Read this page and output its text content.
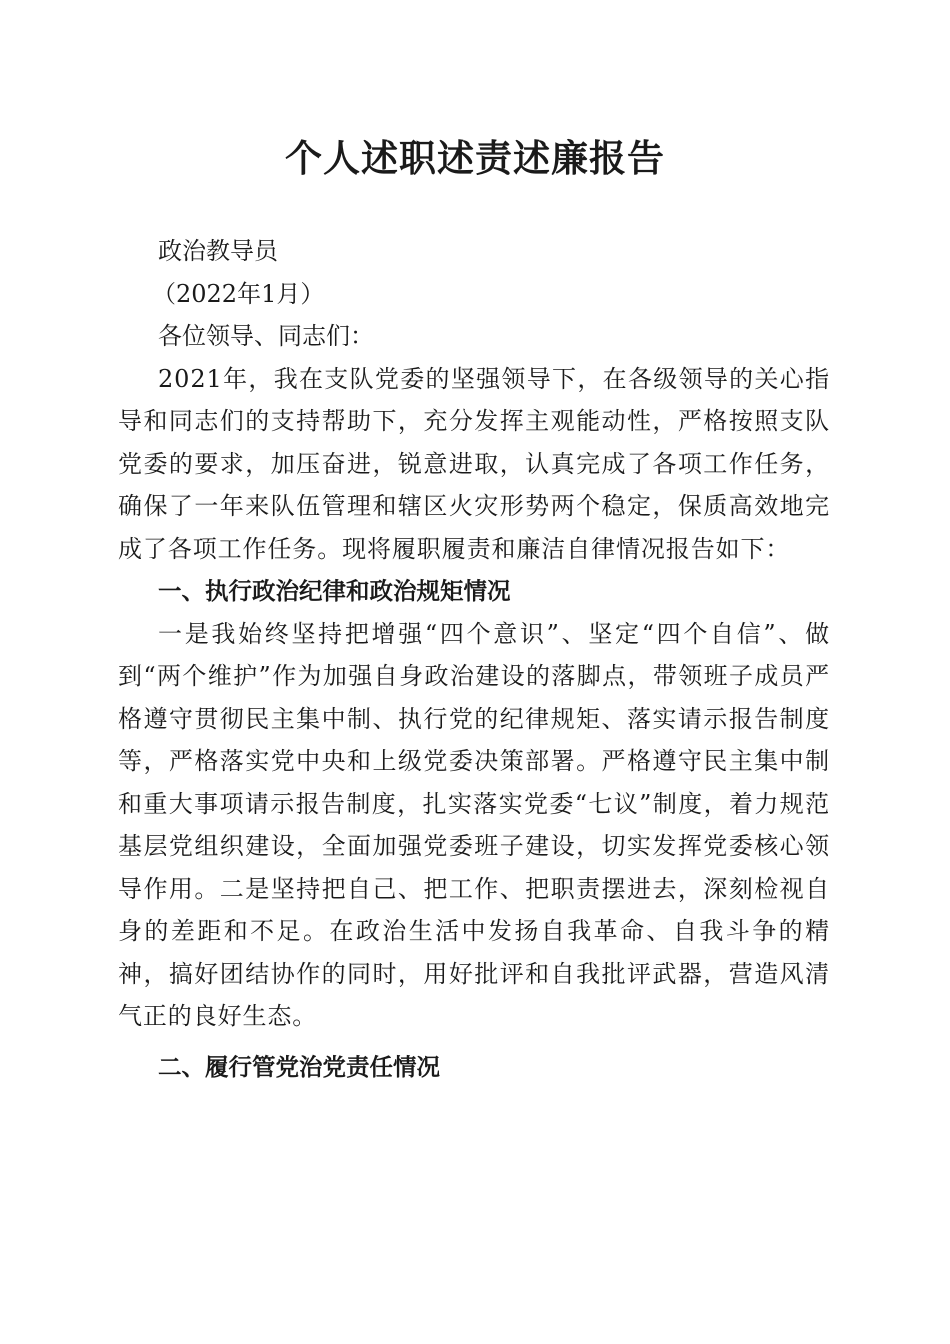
个人述职述责述廉报告

政治教导员

（2022年1月）

各位领导、同志们：

2021年，我在支队党委的坚强领导下，在各级领导的关心指导和同志们的支持帮助下，充分发挥主观能动性，严格按照支队党委的要求，加压奋进，锐意进取，认真完成了各项工作任务，确保了一年来队伍管理和辖区火灾形势两个稳定，保质高效地完成了各项工作任务。现将履职履责和廉洁自律情况报告如下：

一、执行政治纪律和政治规矩情况

一是我始终坚持把增强“四个意识”、坚定“四个自信”、做到“两个维护”作为加强自身政治建设的落脚点，带领班子成员严格遵守贯彻民主集中制、执行党的纪律规矩、落实请示报告制度等，严格落实党中央和上级党委决策部署。严格遵守民主集中制和重大事项请示报告制度，扎实落实党委“七议”制度，着力规范基层党组织建设，全面加强党委班子建设，切实发挥党委核心领导作用。二是坚持把自己、把工作、把职责摆进去，深刻检视自身的差距和不足。在政治生活中发扬自我革命、自我斗争的精神，搞好团结协作的同时，用好批评和自我批评武器，营造风清气正的良好生态。

二、履行管党治党责任情况
